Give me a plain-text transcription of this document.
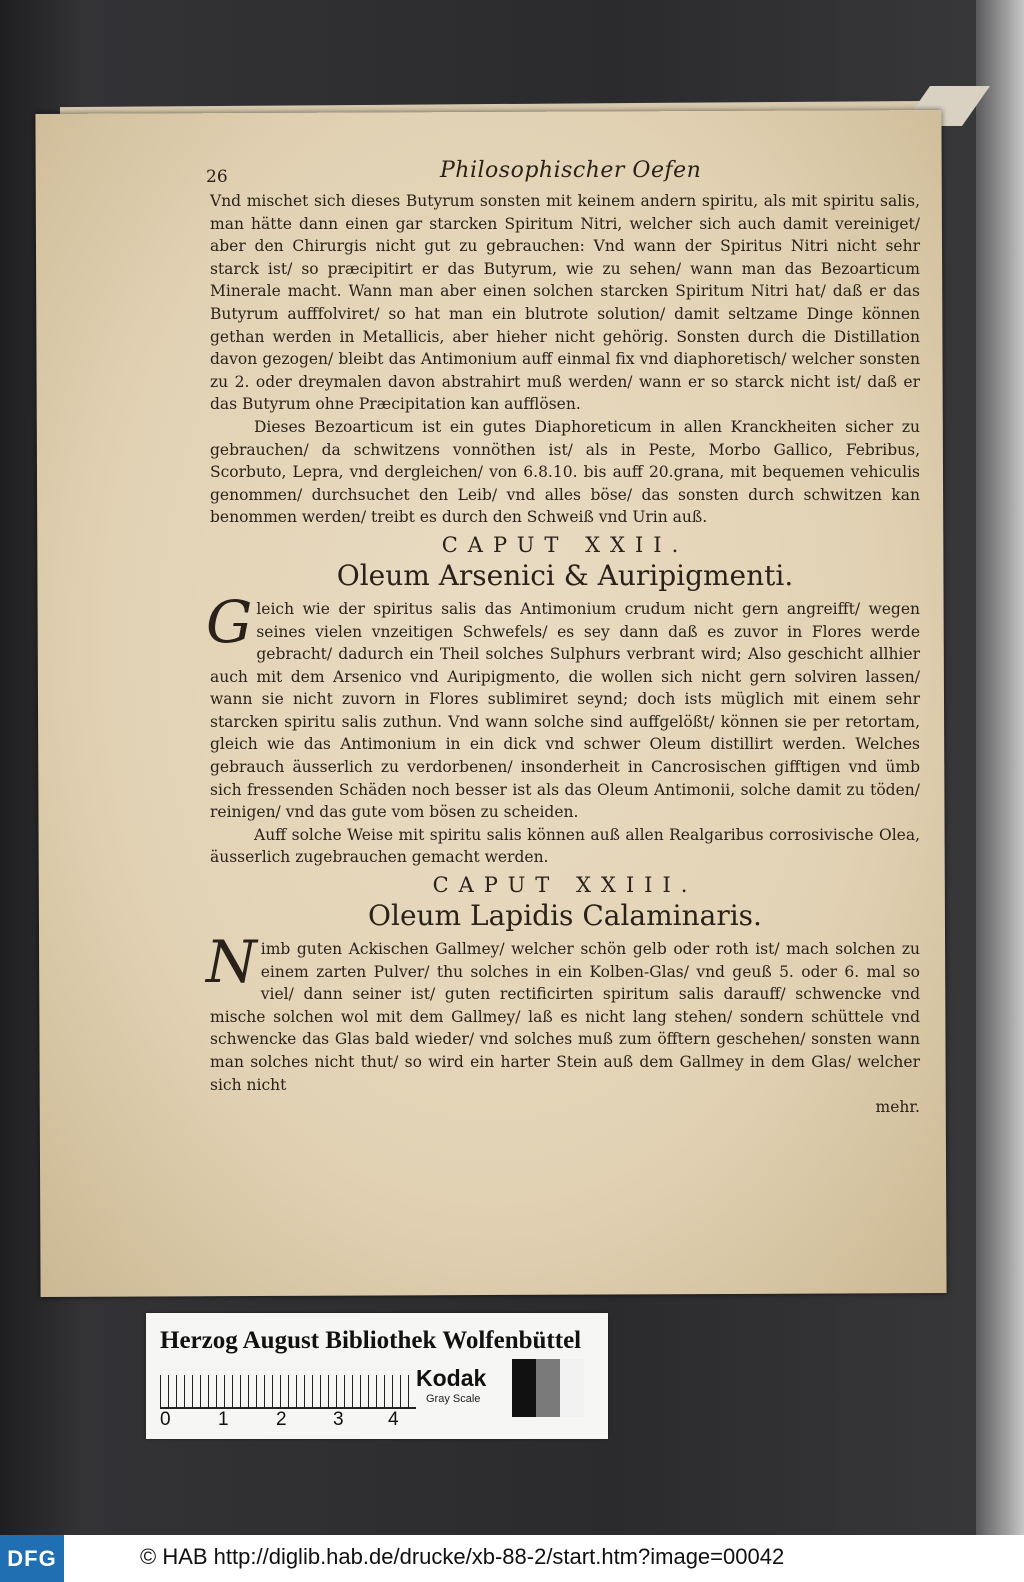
26	Philosophischer Oefen

Vnd mischet sich dieses Butyrum sonsten mit keinem andern spiritu, als mit spiritu salis, man hätte dann einen gar starcken Spiritum Nitri, welcher sich auch damit vereiniget/ aber den Chirurgis nicht gut zu gebrauchen: Vnd wann der Spiritus Nitri nicht sehr starck ist/ so præcipitirt er das Butyrum, wie zu sehen/ wann man das Bezoarticum Minerale macht. Wann man aber einen solchen starcken Spiritum Nitri hat/ daß er das Butyrum aufffolviret/ so hat man ein blutrote solution/ damit seltzame Dinge können gethan werden in Metallicis, aber hieher nicht gehörig. Sonsten durch die Distillation davon gezogen/ bleibt das Antimonium auff einmal fix vnd diaphoretisch/ welcher sonsten zu 2. oder dreymalen davon abstrahirt muß werden/ wann er so starck nicht ist/ daß er das Butyrum ohne Præcipitation kan aufflösen.

Dieses Bezoarticum ist ein gutes Diaphoreticum in allen Kranckheiten sicher zu gebrauchen/ da schwitzens vonnöthen ist/ als in Peste, Morbo Gallico, Febribus, Scorbuto, Lepra, vnd dergleichen/ von 6.8.10. bis auff 20.grana, mit bequemen vehiculis genommen/ durchsuchet den Leib/ vnd alles böse/ das sonsten durch schwitzen kan benommen werden/ treibt es durch den Schweiß vnd Urin auß.

CAPUT XXII.
Oleum Arsenici & Auripigmenti.

Gleich wie der spiritus salis das Antimonium crudum nicht gern angreifft/ wegen seines vielen vnzeitigen Schwefels/ es sey dann daß es zuvor in Flores werde gebracht/ dadurch ein Theil solches Sulphurs verbrant wird; Also geschicht allhier auch mit dem Arsenico vnd Auripigmento, die wollen sich nicht gern solviren lassen/ wann sie nicht zuvorn in Flores sublimiret seynd; doch ists müglich mit einem sehr starcken spiritu salis zuthun. Vnd wann solche sind auffgelößt/ können sie per retortam, gleich wie das Antimonium in ein dick vnd schwer Oleum distillirt werden. Welches gebrauch äusserlich zu verdorbenen/ insonderheit in Cancrosischen gifftigen vnd ümb sich fressenden Schäden noch besser ist als das Oleum Antimonii, solche damit zu töden/ reinigen/ vnd das gute vom bösen zu scheiden.

Auff solche Weise mit spiritu salis können auß allen Realgaribus corrosivische Olea, äusserlich zugebrauchen gemacht werden.

CAPUT XXIII.
Oleum Lapidis Calaminaris.

Nimb guten Ackischen Gallmey/ welcher schön gelb oder roth ist/ mach solchen zu einem zarten Pulver/ thu solches in ein Kolben-Glas/ vnd geuß 5. oder 6. mal so viel/ dann seiner ist/ guten rectificirten spiritum salis darauff/ schwencke vnd mische solchen wol mit dem Gallmey/ laß es nicht lang stehen/ sondern schüttele vnd schwencke das Glas bald wieder/ vnd solches muß zum öfftern geschehen/ sonsten wann man solches nicht thut/ so wird ein harter Stein auß dem Gallmey in dem Glas/ welcher sich nicht

mehr.
Herzog August Bibliothek Wolfenbüttel
0 1 2 3 4
Kodak
Gray Scale
DFG	© HAB http://diglib.hab.de/drucke/xb-88-2/start.htm?image=00042
